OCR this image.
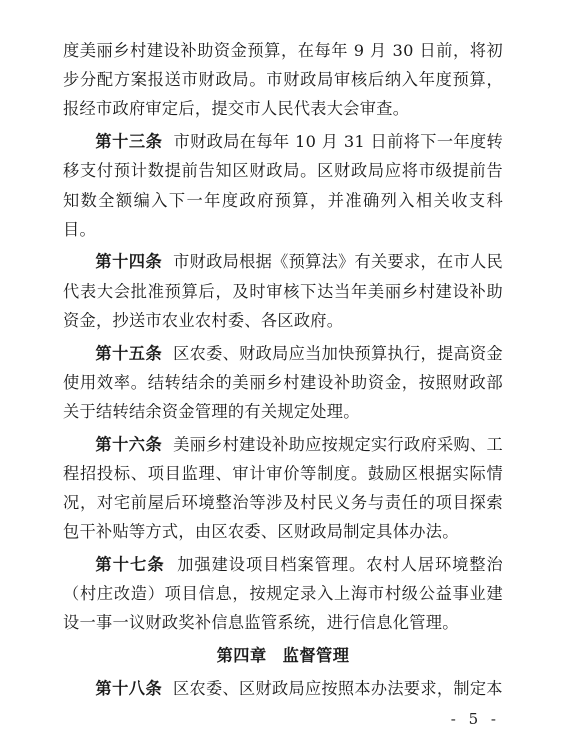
度美丽乡村建设补助资金预算，在每年 9 月 30 日前，将初步分配方案报送市财政局。市财政局审核后纳入年度预算，报经市政府审定后，提交市人民代表大会审查。

第十三条 市财政局在每年 10 月 31 日前将下一年度转移支付预计数提前告知区财政局。区财政局应将市级提前告知数全额编入下一年度政府预算，并准确列入相关收支科目。

第十四条 市财政局根据《预算法》有关要求，在市人民代表大会批准预算后，及时审核下达当年美丽乡村建设补助资金，抄送市农业农村委、各区政府。

第十五条 区农委、财政局应当加快预算执行，提高资金使用效率。结转结余的美丽乡村建设补助资金，按照财政部关于结转结余资金管理的有关规定处理。

第十六条 美丽乡村建设补助应按规定实行政府采购、工程招投标、项目监理、审计审价等制度。鼓励区根据实际情况，对宅前屋后环境整治等涉及村民义务与责任的项目探索包干补贴等方式，由区农委、区财政局制定具体办法。

第十七条 加强建设项目档案管理。农村人居环境整治（村庄改造）项目信息，按规定录入上海市村级公益事业建设一事一议财政奖补信息监管系统，进行信息化管理。

第四章 监督管理

第十八条 区农委、区财政局应按照本办法要求，制定本

- 5 -
